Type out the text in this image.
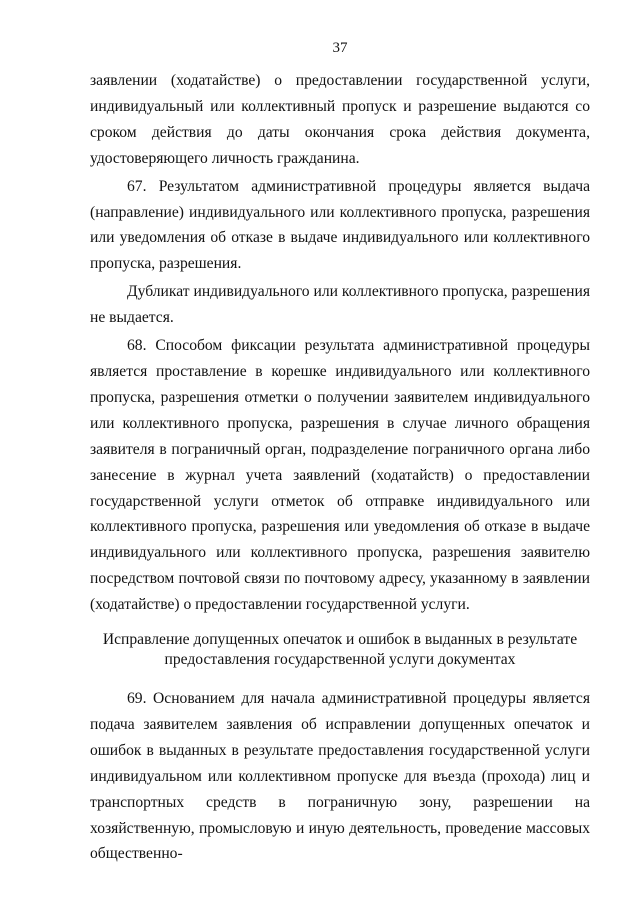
37

заявлении (ходатайстве) о предоставлении государственной услуги, индивидуальный или коллективный пропуск и разрешение выдаются со сроком действия до даты окончания срока действия документа, удостоверяющего личность гражданина.

67. Результатом административной процедуры является выдача (направление) индивидуального или коллективного пропуска, разрешения или уведомления об отказе в выдаче индивидуального или коллективного пропуска, разрешения.

Дубликат индивидуального или коллективного пропуска, разрешения не выдается.

68. Способом фиксации результата административной процедуры является проставление в корешке индивидуального или коллективного пропуска, разрешения отметки о получении заявителем индивидуального или коллективного пропуска, разрешения в случае личного обращения заявителя в пограничный орган, подразделение пограничного органа либо занесение в журнал учета заявлений (ходатайств) о предоставлении государственной услуги отметок об отправке индивидуального или коллективного пропуска, разрешения или уведомления об отказе в выдаче индивидуального или коллективного пропуска, разрешения заявителю посредством почтовой связи по почтовому адресу, указанному в заявлении (ходатайстве) о предоставлении государственной услуги.

Исправление допущенных опечаток и ошибок в выданных в результате
предоставления государственной услуги документах

69. Основанием для начала административной процедуры является подача заявителем заявления об исправлении допущенных опечаток и ошибок в выданных в результате предоставления государственной услуги индивидуальном или коллективном пропуске для въезда (прохода) лиц и транспортных средств в пограничную зону, разрешении на хозяйственную, промысловую и иную деятельность, проведение массовых общественно-
